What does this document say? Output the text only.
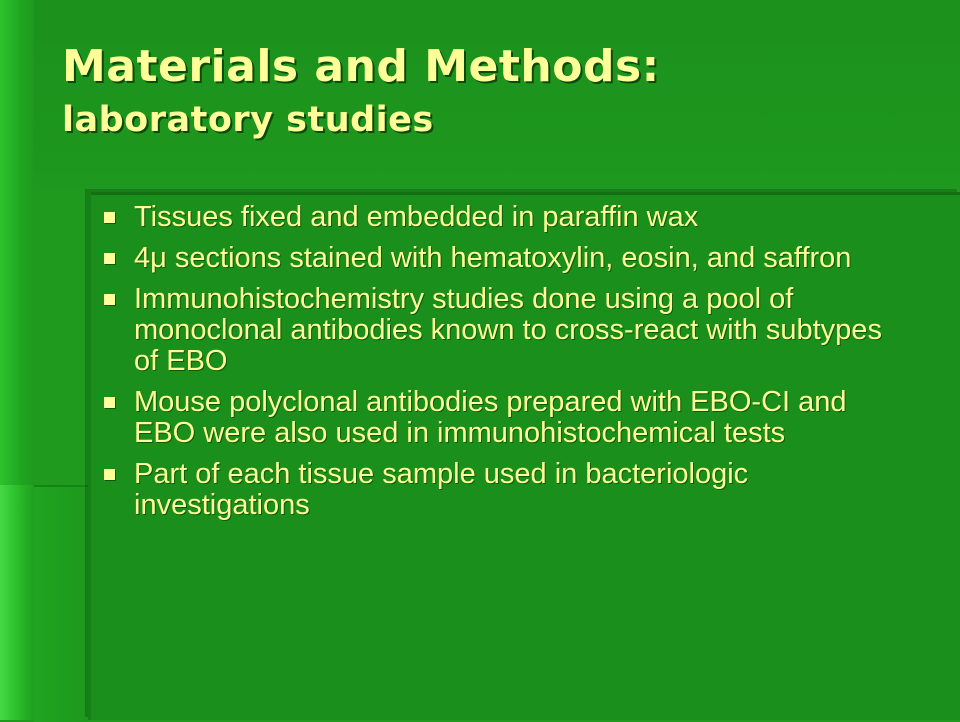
Materials and Methods:
laboratory studies
Tissues fixed and embedded in paraffin wax
4μ sections stained with hematoxylin, eosin, and saffron
Immunohistochemistry studies done using a pool of monoclonal antibodies known to cross-react with subtypes of EBO
Mouse polyclonal antibodies prepared with EBO-CI and EBO were also used in immunohistochemical tests
Part of each tissue sample used in bacteriologic investigations
